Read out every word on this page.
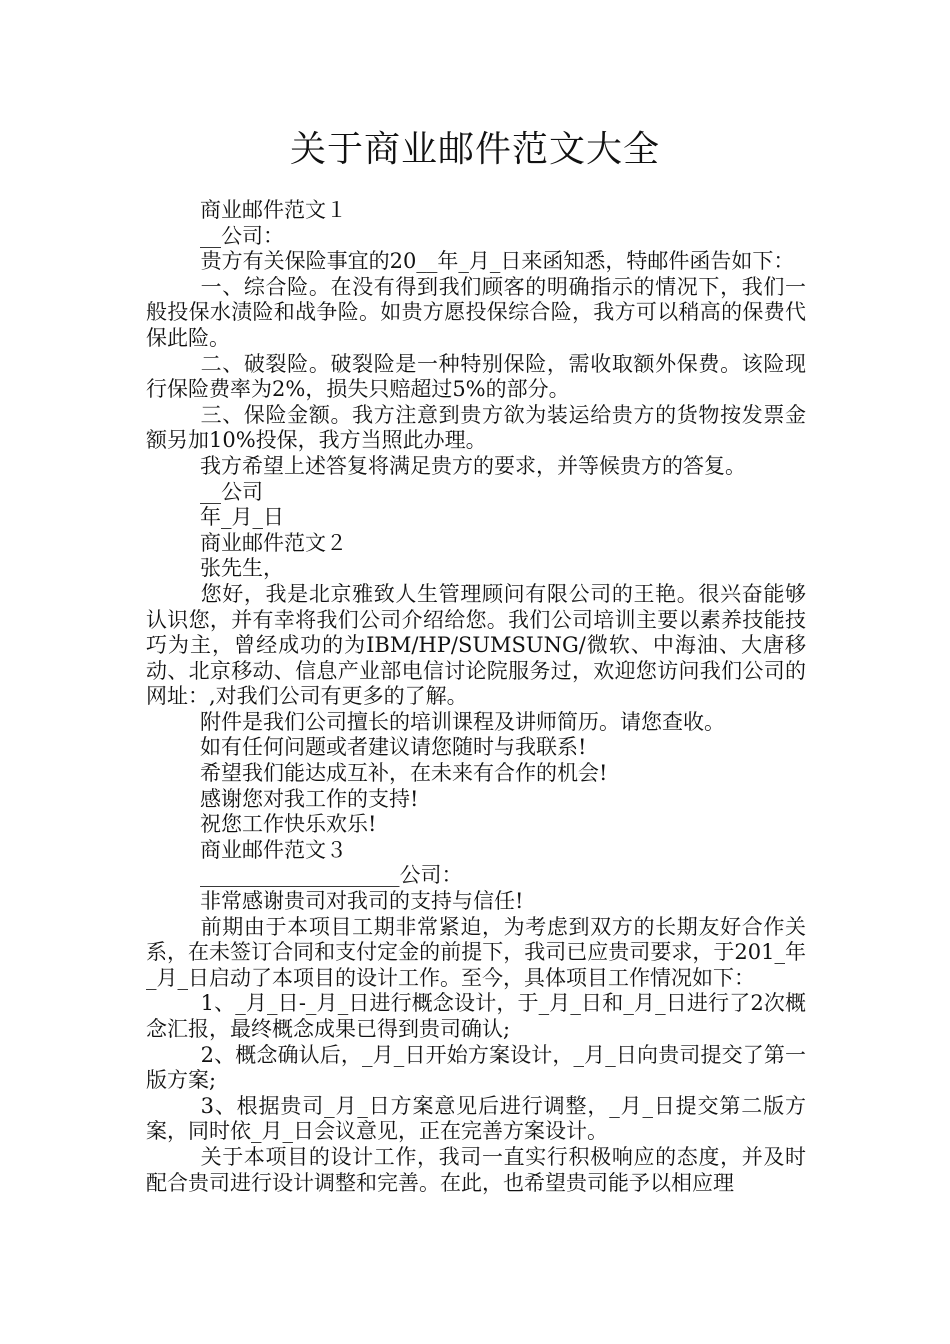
关于商业邮件范文大全

商业邮件范文１

__公司：

贵方有关保险事宜的20__年_月_日来函知悉，特邮件函告如下：

一、综合险。在没有得到我们顾客的明确指示的情况下，我们一般投保水渍险和战争险。如贵方愿投保综合险，我方可以稍高的保费代保此险。

二、破裂险。破裂险是一种特别保险，需收取额外保费。该险现行保险费率为2%，损失只赔超过5%的部分。

三、保险金额。我方注意到贵方欲为装运给贵方的货物按发票金额另加10%投保，我方当照此办理。

我方希望上述答复将满足贵方的要求，并等候贵方的答复。

__公司

年_月_日

商业邮件范文２

张先生，

您好，我是北京雅致人生管理顾问有限公司的王艳。很兴奋能够认识您，并有幸将我们公司介绍给您。我们公司培训主要以素养技能技巧为主，曾经成功的为IBM/HP/SUMSUNG/微软、中海油、大唐移动、北京移动、信息产业部电信讨论院服务过，欢迎您访问我们公司的网址：,对我们公司有更多的了解。

附件是我们公司擅长的培训课程及讲师简历。请您查收。

如有任何问题或者建议请您随时与我联系!

希望我们能达成互补，在未来有合作的机会!

感谢您对我工作的支持!

祝您工作快乐欢乐!

商业邮件范文３

___________________公司：

非常感谢贵司对我司的支持与信任!

前期由于本项目工期非常紧迫，为考虑到双方的长期友好合作关系，在未签订合同和支付定金的前提下，我司已应贵司要求，于201_年_月_日启动了本项目的设计工作。至今，具体项目工作情况如下：

1、_月_日-_月_日进行概念设计，于_月_日和_月_日进行了2次概念汇报，最终概念成果已得到贵司确认;

2、概念确认后，_月_日开始方案设计，_月_日向贵司提交了第一版方案;

3、根据贵司_月_日方案意见后进行调整，_月_日提交第二版方案，同时依_月_日会议意见，正在完善方案设计。

关于本项目的设计工作，我司一直实行积极响应的态度，并及时配合贵司进行设计调整和完善。在此，也希望贵司能予以相应理
